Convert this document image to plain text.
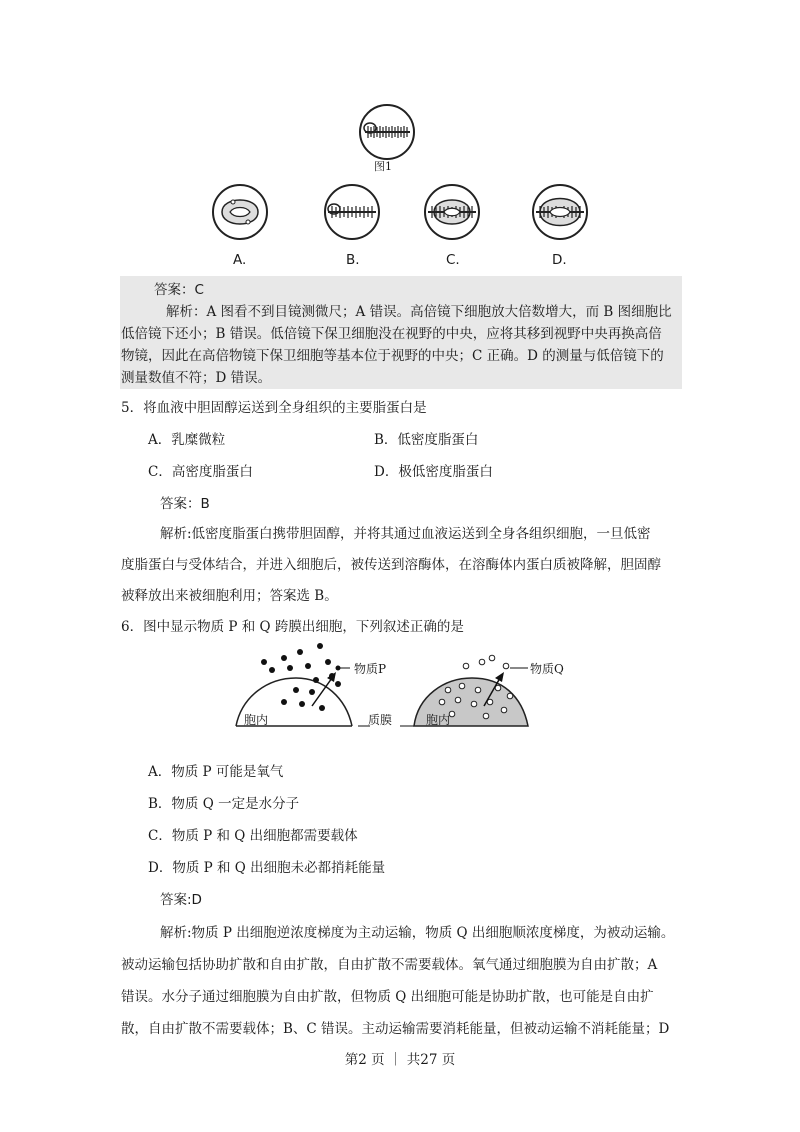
图1
A.	B.	C.	D.
答案：C
解析：A 图看不到目镜测微尺；A 错误。高倍镜下细胞放大倍数增大，而 B 图细胞比
低倍镜下还小；B 错误。低倍镜下保卫细胞没在视野的中央，应将其移到视野中央再换高倍
物镜，因此在高倍物镜下保卫细胞等基本位于视野的中央；C 正确。D 的测量与低倍镜下的
测量数值不符；D 错误。
5．将血液中胆固醇运送到全身组织的主要脂蛋白是
A．乳糜微粒	B．低密度脂蛋白
C．高密度脂蛋白	D．极低密度脂蛋白
答案：B
解析:低密度脂蛋白携带胆固醇，并将其通过血液运送到全身各组织细胞，一旦低密
度脂蛋白与受体结合，并进入细胞后，被传送到溶酶体，在溶酶体内蛋白质被降解，胆固醇
被释放出来被细胞利用；答案选 B。
6．图中显示物质 P 和 Q 跨膜出细胞，下列叙述正确的是
物质P	物质Q
胞内	质膜	胞内
A．物质 P 可能是氧气
B．物质 Q 一定是水分子
C．物质 P 和 Q 出细胞都需要载体
D．物质 P 和 Q 出细胞未必都捎耗能量
答案:D
解析:物质 P 出细胞逆浓度梯度为主动运输，物质 Q 出细胞顺浓度梯度，为被动运输。
被动运输包括协助扩散和自由扩散，自由扩散不需要载体。氧气通过细胞膜为自由扩散；A
错误。水分子通过细胞膜为自由扩散，但物质 Q 出细胞可能是协助扩散，也可能是自由扩
散，自由扩散不需要载体；B、C 错误。主动运输需要消耗能量，但被动运输不消耗能量；D
第2 页 ｜ 共27 页
